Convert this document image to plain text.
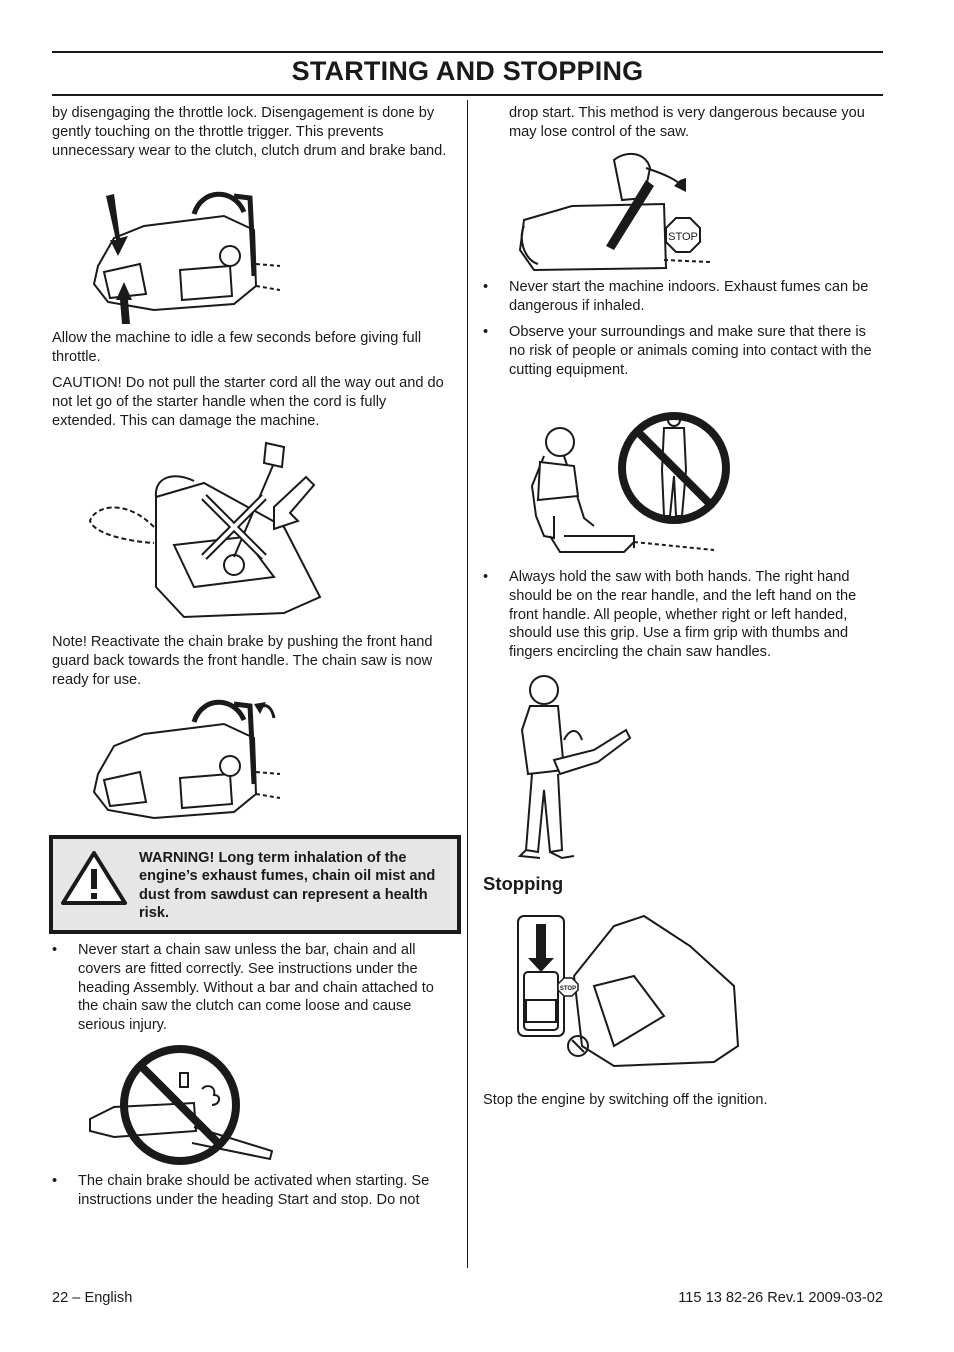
STARTING AND STOPPING

by disengaging the throttle lock. Disengagement is done by gently touching on the throttle trigger. This prevents unnecessary wear to the clutch, clutch drum and brake band.

Allow the machine to idle a few seconds before giving full throttle.

CAUTION! Do not pull the starter cord all the way out and do not let go of the starter handle when the cord is fully extended. This can damage the machine.

Note! Reactivate the chain brake by pushing the front hand guard back towards the front handle. The chain saw is now ready for use.

WARNING! Long term inhalation of the engine’s exhaust fumes, chain oil mist and dust from sawdust can represent a health risk.
• Never start a chain saw unless the bar, chain and all covers are fitted correctly. See instructions under the heading Assembly. Without a bar and chain attached to the chain saw the clutch can come loose and cause serious injury.
• The chain brake should be activated when starting. Se instructions under the heading Start and stop. Do not

drop start. This method is very dangerous because you may lose control of the saw.

STOP
• Never start the machine indoors. Exhaust fumes can be dangerous if inhaled.
• Observe your surroundings and make sure that there is no risk of people or animals coming into contact with the cutting equipment.
• Always hold the saw with both hands. The right hand should be on the rear handle, and the left hand on the front handle. All people, whether right or left handed, should use this grip. Use a firm grip with thumbs and fingers encircling the chain saw handles.
Stopping
STOP

Stop the engine by switching off the ignition.

22 – English	115 13 82-26 Rev.1 2009-03-02
